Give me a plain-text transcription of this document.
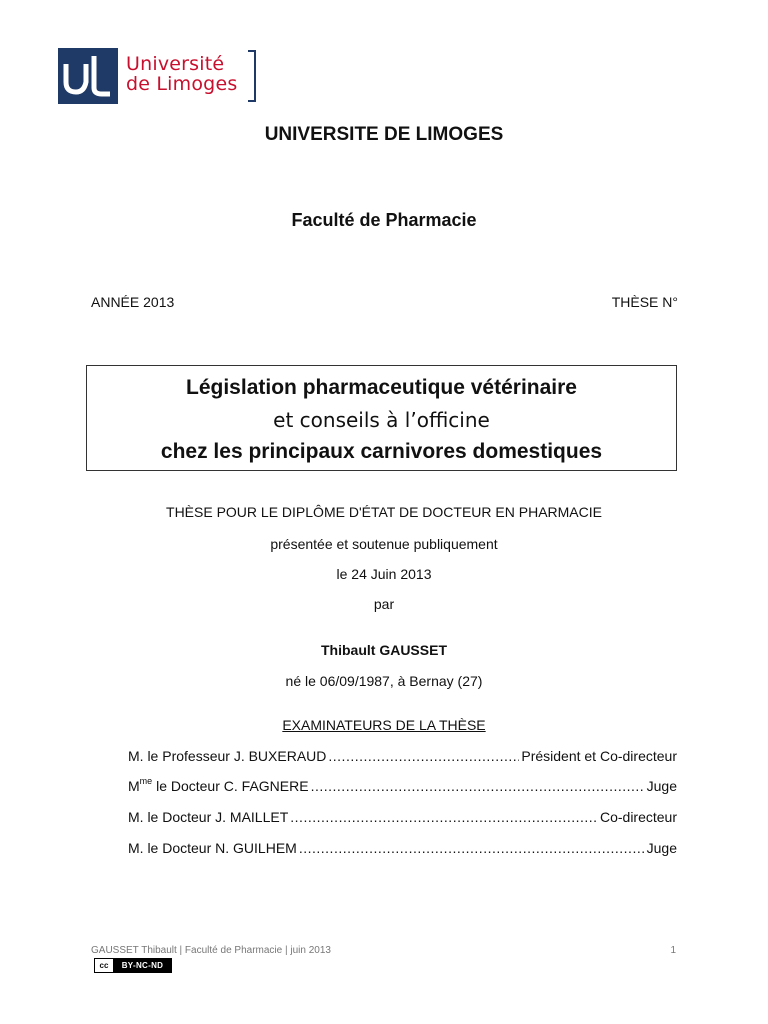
Université
de Limoges
UNIVERSITE DE LIMOGES
Faculté de Pharmacie
ANNÉE 2013	THÈSE N°
Législation pharmaceutique vétérinaire
et conseils à l’officine
chez les principaux carnivores domestiques
THÈSE POUR LE DIPLÔME D'ÉTAT DE DOCTEUR EN PHARMACIE
présentée et soutenue publiquement
le 24 Juin 2013
par
Thibault GAUSSET
né le 06/09/1987, à Bernay (27)
EXAMINATEURS DE LA THÈSE
M. le Professeur J. BUXERAUD .....	Président et Co-directeur
$M^{me}$ le Docteur C. FAGNERE .....	Juge
M. le Docteur J. MAILLET .....	Co-directeur
M. le Docteur N. GUILHEM .....	Juge
GAUSSET Thibault | Faculté de Pharmacie | juin 2013	1
cc	BY-NC-ND
